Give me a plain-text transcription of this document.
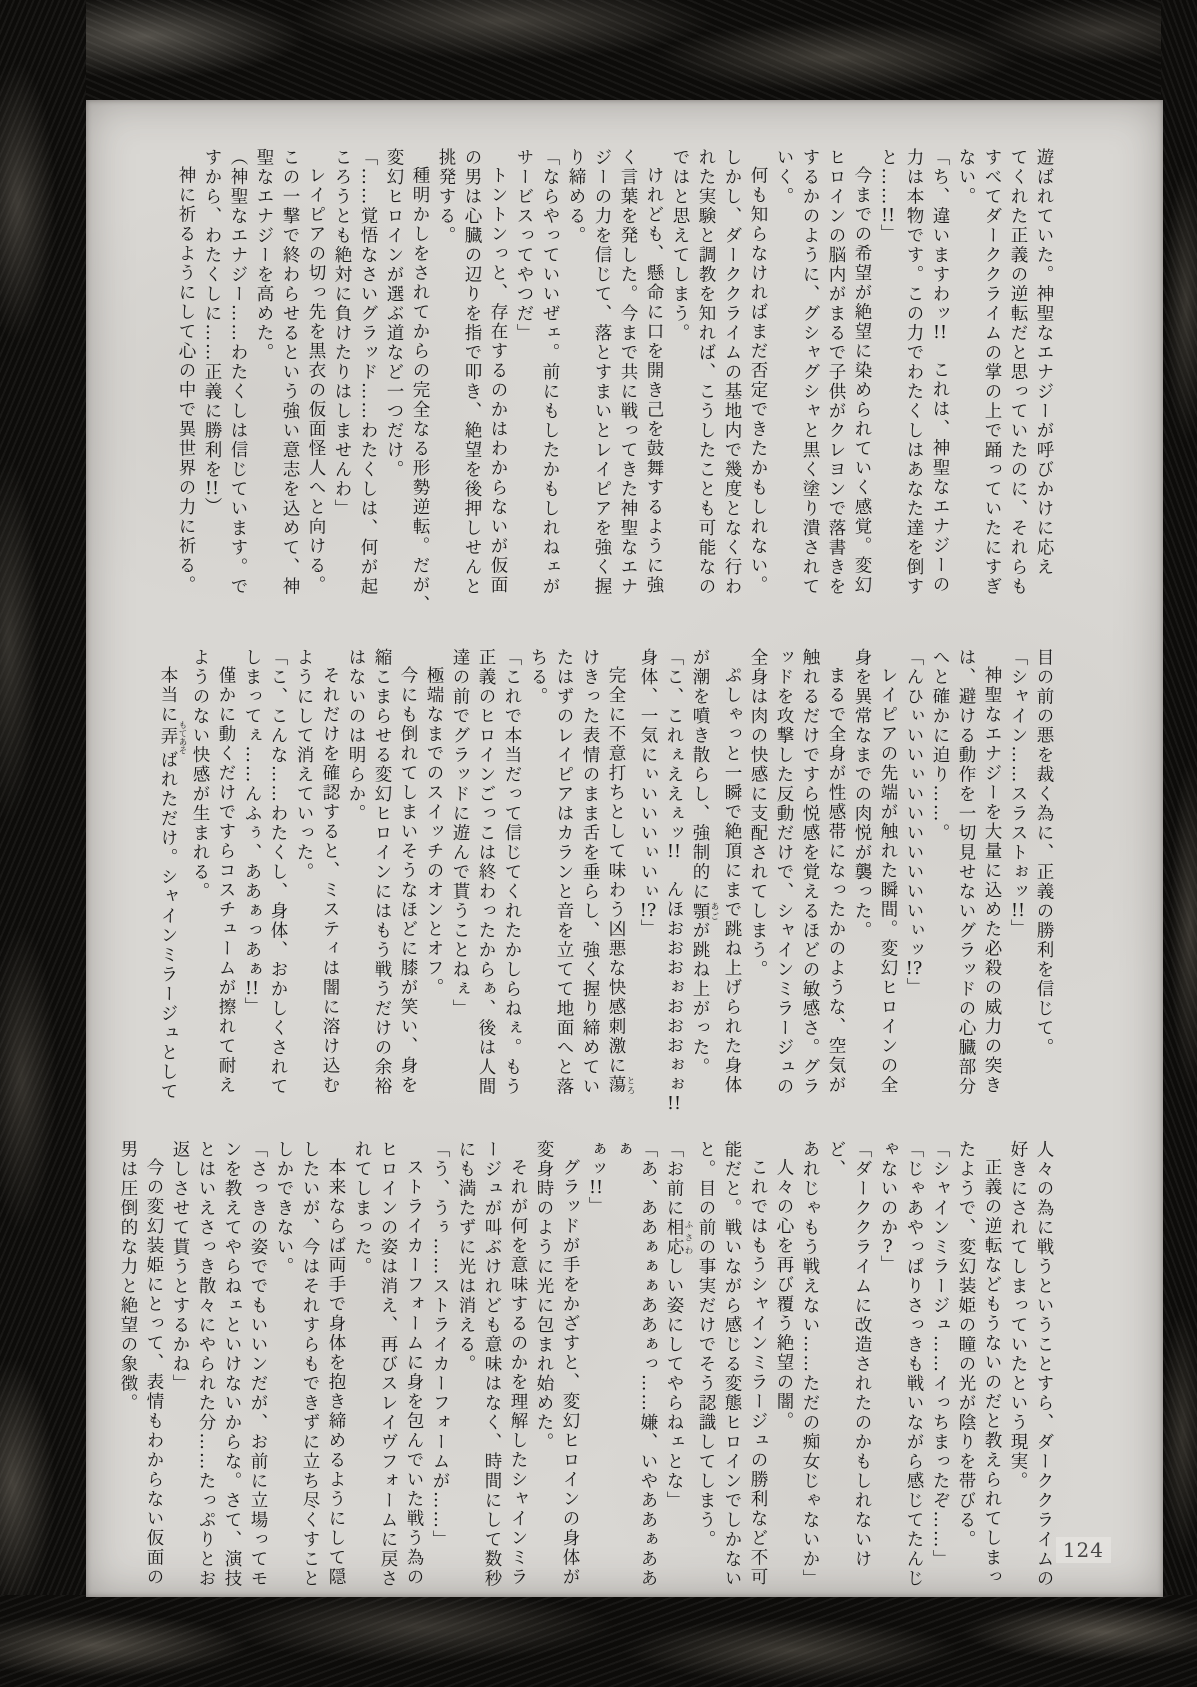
遊ばれていた。神聖なエナジーが呼びかけに応え

てくれた正義の逆転だと思っていたのに、それらも

すべてダーククライムの掌の上で踊っていたにすぎ

ない。

「ち、違いますわッ!!　これは、神聖なエナジーの

力は本物です。この力でわたくしはあなた達を倒す

と……!!」

今までの希望が絶望に染められていく感覚。変幻

ヒロインの脳内がまるで子供がクレヨンで落書きを

するかのように、グシャグシャと黒く塗り潰されて

いく。

何も知らなければまだ否定できたかもしれない。

しかし、ダーククライムの基地内で幾度となく行わ

れた実験と調教を知れば、こうしたことも可能なの

ではと思えてしまう。

けれども、懸命に口を開き己を鼓舞するように強

く言葉を発した。今まで共に戦ってきた神聖なエナ

ジーの力を信じて、落とすまいとレイピアを強く握

り締める。

「ならやっていいぜェ。前にもしたかもしれねェが

サービスってやつだ」

トントンっと、存在するのかはわからないが仮面

の男は心臓の辺りを指で叩き、絶望を後押しせんと

挑発する。

種明かしをされてからの完全なる形勢逆転。だが、

変幻ヒロインが選ぶ道など一つだけ。

「……覚悟なさいグラッド……わたくしは、何が起

ころうとも絶対に負けたりはしませんわ」

レイピアの切っ先を黒衣の仮面怪人へと向ける。

この一撃で終わらせるという強い意志を込めて、神

聖なエナジーを高めた。

（神聖なエナジー……わたくしは信じています。で

すから、わたくしに……正義に勝利を!!）

神に祈るようにして心の中で異世界の力に祈る。

目の前の悪を裁く為に、正義の勝利を信じて。

「シャイン……スラストぉッ!!」

神聖なエナジーを大量に込めた必殺の威力の突き

は、避ける動作を一切見せないグラッドの心臓部分

へと確かに迫り……。

「んひぃいいぃいいいいいいいぃッ!?」

レイピアの先端が触れた瞬間。変幻ヒロインの全

身を異常なまでの肉悦が襲った。

まるで全身が性感帯になったかのような、空気が

触れるだけですら悦感を覚えるほどの敏感さ。グラ

ッドを攻撃した反動だけで、シャインミラージュの

全身は肉の快感に支配されてしまう。

ぷしゃっと一瞬で絶頂にまで跳ね上げられた身体

が潮を噴き散らし、強制的に顎 あごが跳ね上がった。

「こ、これぇええぇッ!!　んほおおおぉおおおぉぉ!!

身体、一気にぃいいいぃいぃ!?」

完全に不意打ちとして味わう凶悪な快感刺激に蕩 とろ

けきった表情のまま舌を垂らし、強く握り締めてい

たはずのレイピアはカランと音を立てて地面へと落

ちる。

「これで本当だって信じてくれたかしらねぇ。もう

正義のヒロインごっこは終わったからぁ、後は人間

達の前でグラッドに遊んで貰うことねぇ」

極端なまでのスイッチのオンとオフ。

今にも倒れてしまいそうなほどに膝が笑い、身を

縮こまらせる変幻ヒロインにはもう戦うだけの余裕

はないのは明らか。

それだけを確認すると、ミスティは闇に溶け込む

ようにして消えていった。

「こ、こんな……わたくし、身体、おかしくされて

しまってぇ……んふぅ、ああぁっあぁ!!」

僅かに動くだけですらコスチュームが擦れて耐え

ようのない快感が生まれる。

本当に弄 もてあそばれただけ。シャインミラージュとして

人々の為に戦うということすら、ダーククライムの

好きにされてしまっていたという現実。

正義の逆転などもうないのだと教えられてしまっ

たようで、変幻装姫の瞳の光が陰りを帯びる。

「シャインミラージュ……イっちまったぞ……」

「じゃあやっぱりさっきも戦いながら感じてたんじ

ゃないのか?」

「ダーククライムに改造されたのかもしれないけど、

あれじゃもう戦えない……ただの痴女じゃないか」

人々の心を再び覆う絶望の闇。

これではもうシャインミラージュの勝利など不可

能だと。戦いながら感じる変態ヒロインでしかない

と。目の前の事実だけでそう認識してしまう。

「お前に相応 ふさわしい姿にしてやらねェとな」

「あ、ああぁぁぁああぁっ……嫌、いやああぁああぁ

ぁッ!!」

グラッドが手をかざすと、変幻ヒロインの身体が

変身時のように光に包まれ始めた。

それが何を意味するのかを理解したシャインミラ

ージュが叫ぶけれども意味はなく、時間にして数秒

にも満たずに光は消える。

「う、うぅ……ストライカーフォームが……」

ストライカーフォームに身を包んでいた戦う為の

ヒロインの姿は消え、再びスレイヴフォームに戻さ

れてしまった。

本来ならば両手で身体を抱き締めるようにして隠

したいが、今はそれすらもできずに立ち尽くすこと

しかできない。

「さっきの姿ででもいいンだが、お前に立場ってモ

ンを教えてやらねェといけないからな。さて、演技

とはいえさっき散々にやられた分……たっぷりとお

返しさせて貰うとするかね」

今の変幻装姫にとって、表情もわからない仮面の

男は圧倒的な力と絶望の象徴。

124
